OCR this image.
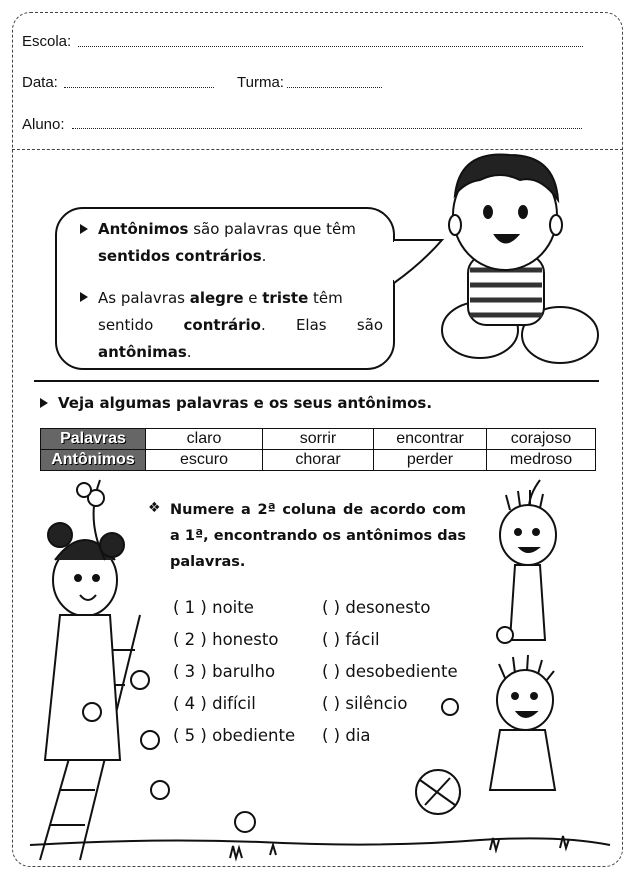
Escola:
Data:	Turma:
Aluno:
Antônimos são palavras que têm
sentidos contrários.
As palavras alegre e triste têm
sentido contrário. Elas são
antônimas.
Veja algumas palavras e os seus antônimos.
Palavras	claro	sorrir	encontrar	corajoso
Antônimos	escuro	chorar	perder	medroso
❖ Numere a 2ª coluna de acordo com a 1ª, encontrando os antônimos das palavras.
( 1 ) noite
( 2 ) honesto
( 3 ) barulho
( 4 ) difícil
( 5 ) obediente
( ) desonesto
( ) fácil
( ) desobediente
( ) silêncio
( ) dia
